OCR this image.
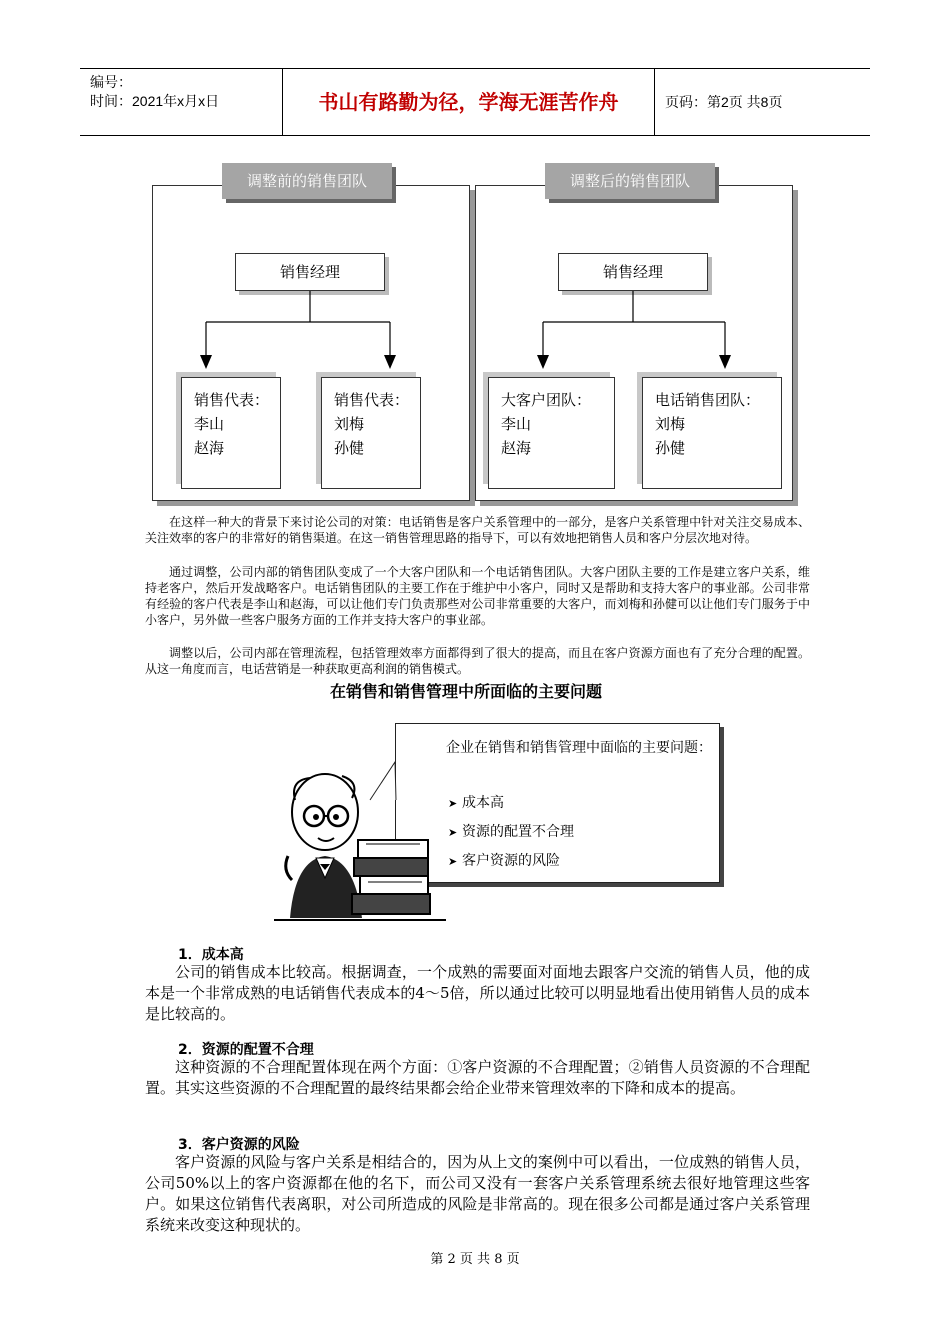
编号：
时间：2021年x月x日	书山有路勤为径，学海无涯苦作舟	页码：第2页 共8页
调整前的销售团队
销售经理
销售代表：
李山
赵海
销售代表：
刘梅
孙健
调整后的销售团队
销售经理
大客户团队：
李山
赵海
电话销售团队：
刘梅
孙健

在这样一种大的背景下来讨论公司的对策：电话销售是客户关系管理中的一部分，是客户关系管理中针对关注交易成本、关注效率的客户的非常好的销售渠道。在这一销售管理思路的指导下，可以有效地把销售人员和客户分层次地对待。

通过调整，公司内部的销售团队变成了一个大客户团队和一个电话销售团队。大客户团队主要的工作是建立客户关系，维持老客户，然后开发战略客户。电话销售团队的主要工作在于维护中小客户，同时又是帮助和支持大客户的事业部。公司非常有经验的客户代表是李山和赵海，可以让他们专门负责那些对公司非常重要的大客户，而刘梅和孙健可以让他们专门服务于中小客户，另外做一些客户服务方面的工作并支持大客户的事业部。

调整以后，公司内部在管理流程，包括管理效率方面都得到了很大的提高，而且在客户资源方面也有了充分合理的配置。从这一角度而言，电话营销是一种获取更高利润的销售模式。

在销售和销售管理中所面临的主要问题
企业在销售和销售管理中面临的主要问题：
➤ 成本高
➤ 资源的配置不合理
➤ 客户资源的风险
1．成本高

公司的销售成本比较高。根据调查，一个成熟的需要面对面地去跟客户交流的销售人员，他的成本是一个非常成熟的电话销售代表成本的4～5倍，所以通过比较可以明显地看出使用销售人员的成本是比较高的。

2．资源的配置不合理

这种资源的不合理配置体现在两个方面：①客户资源的不合理配置；②销售人员资源的不合理配置。其实这些资源的不合理配置的最终结果都会给企业带来管理效率的下降和成本的提高。

3．客户资源的风险

客户资源的风险与客户关系是相结合的，因为从上文的案例中可以看出，一位成熟的销售人员，公司50%以上的客户资源都在他的名下，而公司又没有一套客户关系管理系统去很好地管理这些客户。如果这位销售代表离职，对公司所造成的风险是非常高的。现在很多公司都是通过客户关系管理系统来改变这种现状的。

第 2 页 共 8 页
